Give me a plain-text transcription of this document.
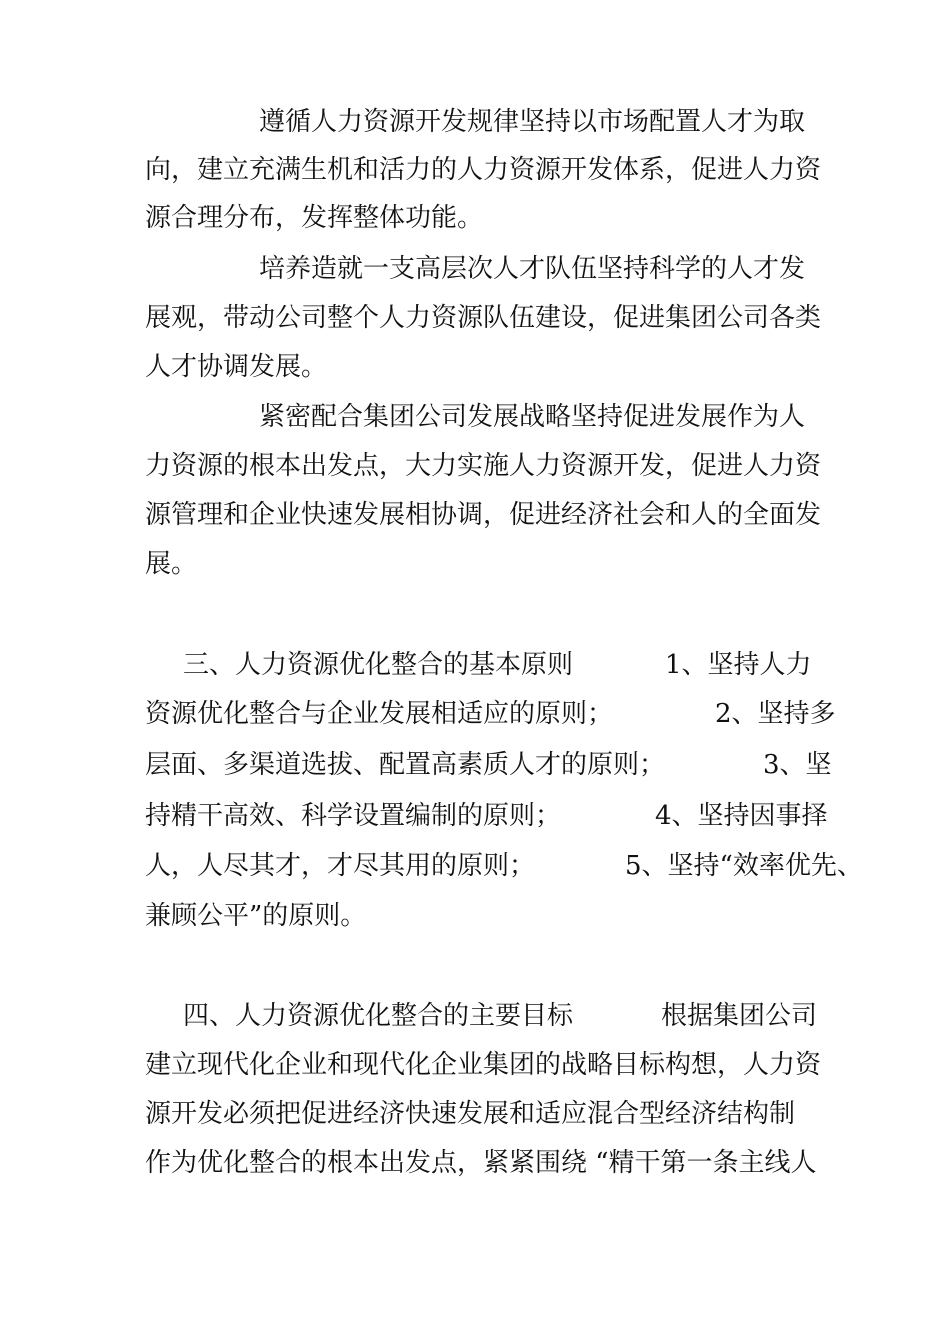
遵循人力资源开发规律坚持以市场配置人才为取
向，建立充满生机和活力的人力资源开发体系，促进人力资
源合理分布，发挥整体功能。
培养造就一支高层次人才队伍坚持科学的人才发
展观，带动公司整个人力资源队伍建设，促进集团公司各类
人才协调发展。
紧密配合集团公司发展战略坚持促进发展作为人
力资源的根本出发点，大力实施人力资源开发，促进人力资
源管理和企业快速发展相协调，促进经济社会和人的全面发
展。
三、人力资源优化整合的基本原则	1、坚持人力
资源优化整合与企业发展相适应的原则；	2、坚持多
层面、多渠道选拔、配置高素质人才的原则；	3、坚
持精干高效、科学设置编制的原则；	4、坚持因事择
人，人尽其才，才尽其用的原则；	5、坚持“效率优先、
兼顾公平”的原则。
四、人力资源优化整合的主要目标	根据集团公司
建立现代化企业和现代化企业集团的战略目标构想，人力资
源开发必须把促进经济快速发展和适应混合型经济结构制
作为优化整合的根本出发点，紧紧围绕 “精干第一条主线人
